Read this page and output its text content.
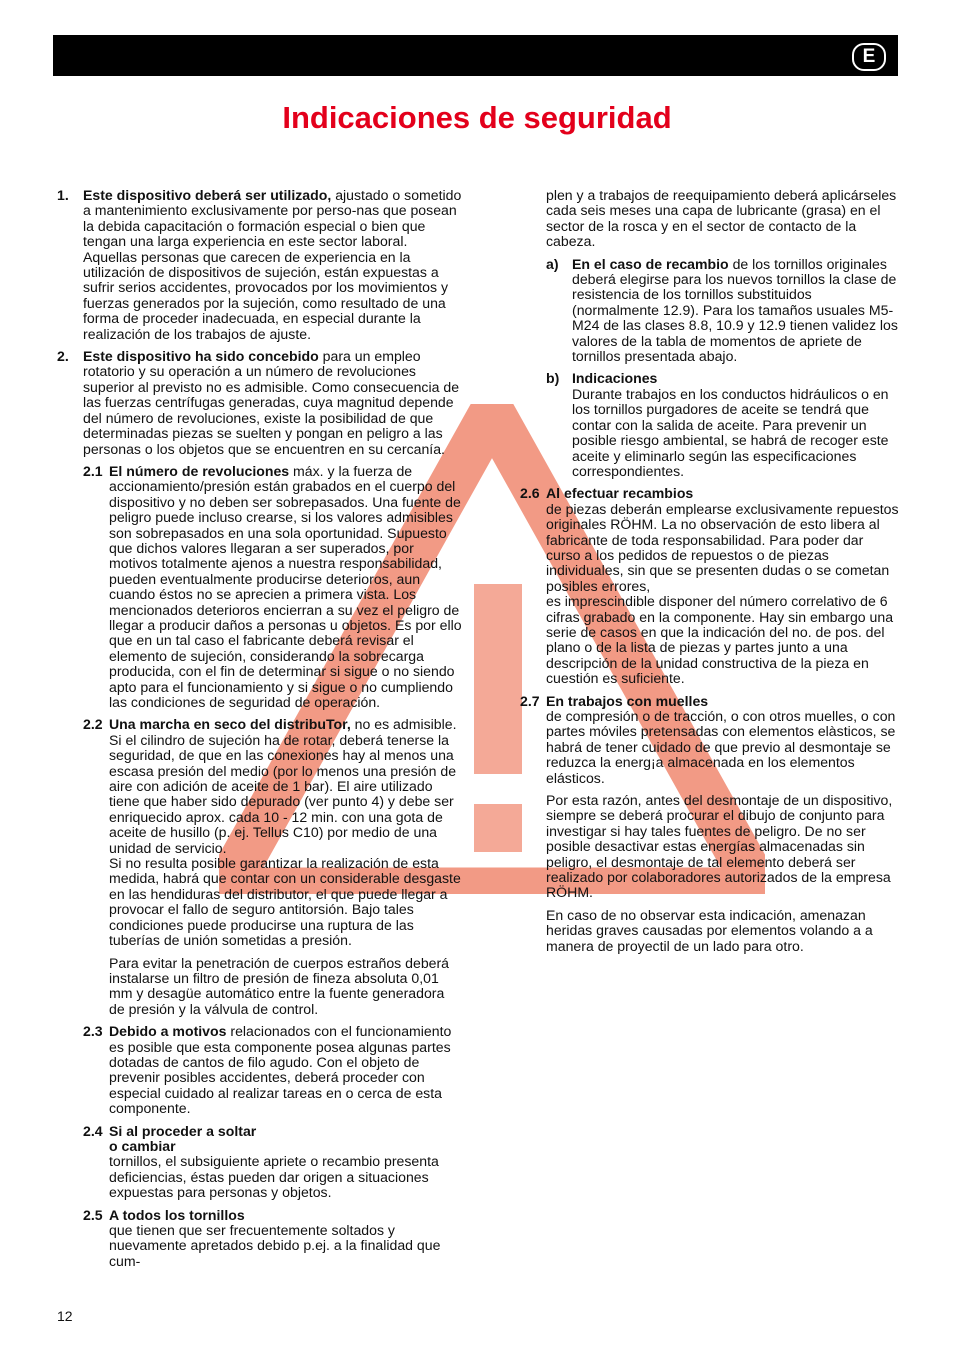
E
Indicaciones de seguridad
1. Este dispositivo deberá ser utilizado, ajustado o sometido a mantenimiento exclusivamente por perso-nas que posean la debida capacitación o formación especial o bien que tengan una larga experiencia en este sector laboral. Aquellas personas que carecen de experiencia en la utilización de dispositivos de sujeción, están expuestas a sufrir serios accidentes, provocados por los movimientos y fuerzas generados por la sujeción, como resultado de una forma de proceder inadecuada, en especial durante la realización de los trabajos de ajuste.
2. Este dispositivo ha sido concebido para un empleo rotatorio y su operación a un número de revoluciones superior al previsto no es admisible. Como consecuencia de las fuerzas centrífugas generadas, cuya magnitud depende del número de revoluciones, existe la posibilidad de que determinadas piezas se suelten y pongan en peligro a las personas o los objetos que se encuentren en su cercanía.
2.1 El número de revoluciones máx. y la fuerza de accionamiento/presión están grabados en el cuerpo del dispositivo y no deben ser sobrepasados. Una fuente de peligro puede incluso crearse, si los valores admisibles son sobrepasados en una sola oportunidad. Supuesto que dichos valores llegaran a ser superados, por motivos totalmente ajenos a nuestra responsabilidad, pueden eventualmente producirse deterioros, aun cuando éstos no se aprecien a primera vista. Los mencionados deterioros encierran a su vez el peligro de llegar a producir daños a personas u objetos. Es por ello que en un tal caso el fabricante deberá revisar el elemento de sujeción, considerando la sobrecarga producida, con el fin de determinar si sigue o no siendo apto para el funcionamiento y si sigue o no cumpliendo las condiciones de seguridad de operación.
2.2 Una marcha en seco del distribuTor, no es admisible. Si el cilindro de sujeción ha de rotar, deberá tenerse la seguridad, de que en las conexiones hay al menos una escasa presión del medio (por lo menos una presión de aire con adición de aceite de 1 bar). El aire utilizado tiene que haber sido depurado (ver punto 4) y debe ser enriquecido aprox. cada 10 - 12 min. con una gota de aceite de husillo (p. ej. Tellus C10) por medio de una unidad de servicio.

Si no resulta posible garantizar la realización de esta medida, habrá que contar con un considerable desgaste en las hendiduras del distributor, el que puede llegar a provocar el fallo de seguro antitorsión. Bajo tales condiciones puede producirse una ruptura de las tuberías de unión sometidas a presión.

Para evitar la penetración de cuerpos estraños deberá instalarse un filtro de presión de fineza absoluta 0,01 mm y desagüe automático entre la fuente generadora de presión y la válvula de control.

2.3 Debido a motivos relacionados con el funcionamiento es posible que esta componente posea algunas partes dotadas de cantos de filo agudo. Con el objeto de prevenir posibles accidentes, deberá proceder con especial cuidado al realizar tareas en o cerca de esta componente.
2.4 Si al proceder a soltar
o cambiar
tornillos, el subsiguiente apriete o recambio presenta deficiencias, éstas pueden dar origen a situaciones expuestas para personas y objetos.
2.5 A todos los tornillos
que tienen que ser frecuentemente soltados y nuevamente apretados debido p.ej. a la finalidad que cum-

plen y a trabajos de reequipamiento deberá aplicárseles cada seis meses una capa de lubricante (grasa) en el sector de la rosca y en el sector de contacto de la cabeza.

a) En el caso de recambio de los tornillos originales deberá elegirse para los nuevos tornillos la clase de resistencia de los tornillos substituidos (normalmente 12.9). Para los tamaños usuales M5-M24 de las clases 8.8, 10.9 y 12.9 tienen validez los valores de la tabla de momentos de apriete de tornillos presentada abajo.
b) Indicaciones
Durante trabajos en los conductos hidráulicos o en los tornillos purgadores de aceite se tendrá que contar con la salida de aceite. Para prevenir un posible riesgo ambiental, se habrá de recoger este aceite y eliminarlo según las especificaciones correspondientes.
2.6 Al efectuar recambios
de piezas deberán emplearse exclusivamente repuestos originales RÖHM. La no observación de esto libera al fabricante de toda responsabilidad. Para poder dar curso a los pedidos de repuestos o de piezas individuales, sin que se presenten dudas o se cometan posibles errores,
es imprescindible disponer del número correlativo de 6 cifras grabado en la componente. Hay sin embargo una serie de casos en que la indicación del no. de pos. del plano o de la lista de piezas y partes junto a una descripción de la unidad constructiva de la pieza en cuestión es suficiente.
2.7 En trabajos con muelles

de compresión o de tracción, o con otros muelles, o con partes móviles pretensadas con elementos elàsticos, se habrá de tener cuidado de que previo al desmontaje se reduzca la energ¡a almacenada en los elementos elásticos.

Por esta razón, antes del desmontaje de un dispositivo, siempre se deberá procurar el dibujo de conjunto para investigar si hay tales fuentes de peligro. De no ser posible desactivar estas energías almacenadas sin peligro, el desmontaje de tal elemento deberá ser realizado por colaboradores autorizados de la empresa RÖHM.

En caso de no observar esta indicación, amenazan heridas graves causadas por elementos volando a a manera de proyectil de un lado para otro.

12
